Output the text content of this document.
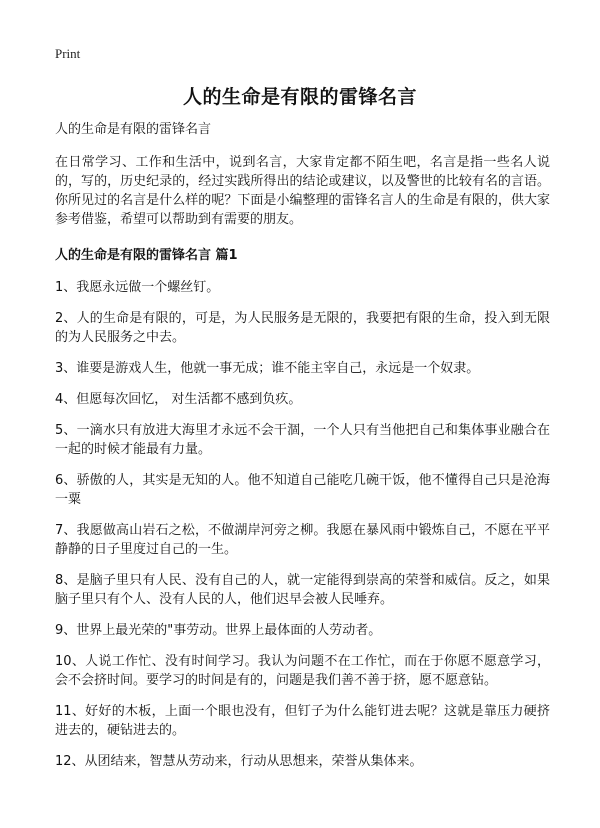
Print
人的生命是有限的雷锋名言

人的生命是有限的雷锋名言

在日常学习、工作和生活中，说到名言，大家肯定都不陌生吧，名言是指一些名人说的，写的，历史纪录的，经过实践所得出的结论或建议，以及警世的比较有名的言语。你所见过的名言是什么样的呢？下面是小编整理的雷锋名言人的生命是有限的，供大家参考借鉴，希望可以帮助到有需要的朋友。

人的生命是有限的雷锋名言 篇1

1、我愿永远做一个螺丝钉。

2、人的生命是有限的，可是，为人民服务是无限的，我要把有限的生命，投入到无限的为人民服务之中去。

3、谁要是游戏人生，他就一事无成；谁不能主宰自己，永远是一个奴隶。

4、但愿每次回忆， 对生活都不感到负疚。

5、一滴水只有放进大海里才永远不会干涸，一个人只有当他把自己和集体事业融合在一起的时候才能最有力量。

6、骄傲的人，其实是无知的人。他不知道自己能吃几碗干饭，他不懂得自己只是沧海一粟

7、我愿做高山岩石之松，不做湖岸河旁之柳。我愿在暴风雨中锻炼自己，不愿在平平静静的日子里度过自己的一生。

8、是脑子里只有人民、没有自己的人，就一定能得到崇高的荣誉和威信。反之，如果脑子里只有个人、没有人民的人，他们迟早会被人民唾弃。

9、世界上最光荣的"事劳动。世界上最体面的人劳动者。

10、人说工作忙、没有时间学习。我认为问题不在工作忙，而在于你愿不愿意学习，会不会挤时间。要学习的时间是有的，问题是我们善不善于挤，愿不愿意钻。

11、好好的木板，上面一个眼也没有，但钉子为什么能钉进去呢？这就是靠压力硬挤进去的，硬钻进去的。

12、从团结来，智慧从劳动来，行动从思想来，荣誉从集体来。
